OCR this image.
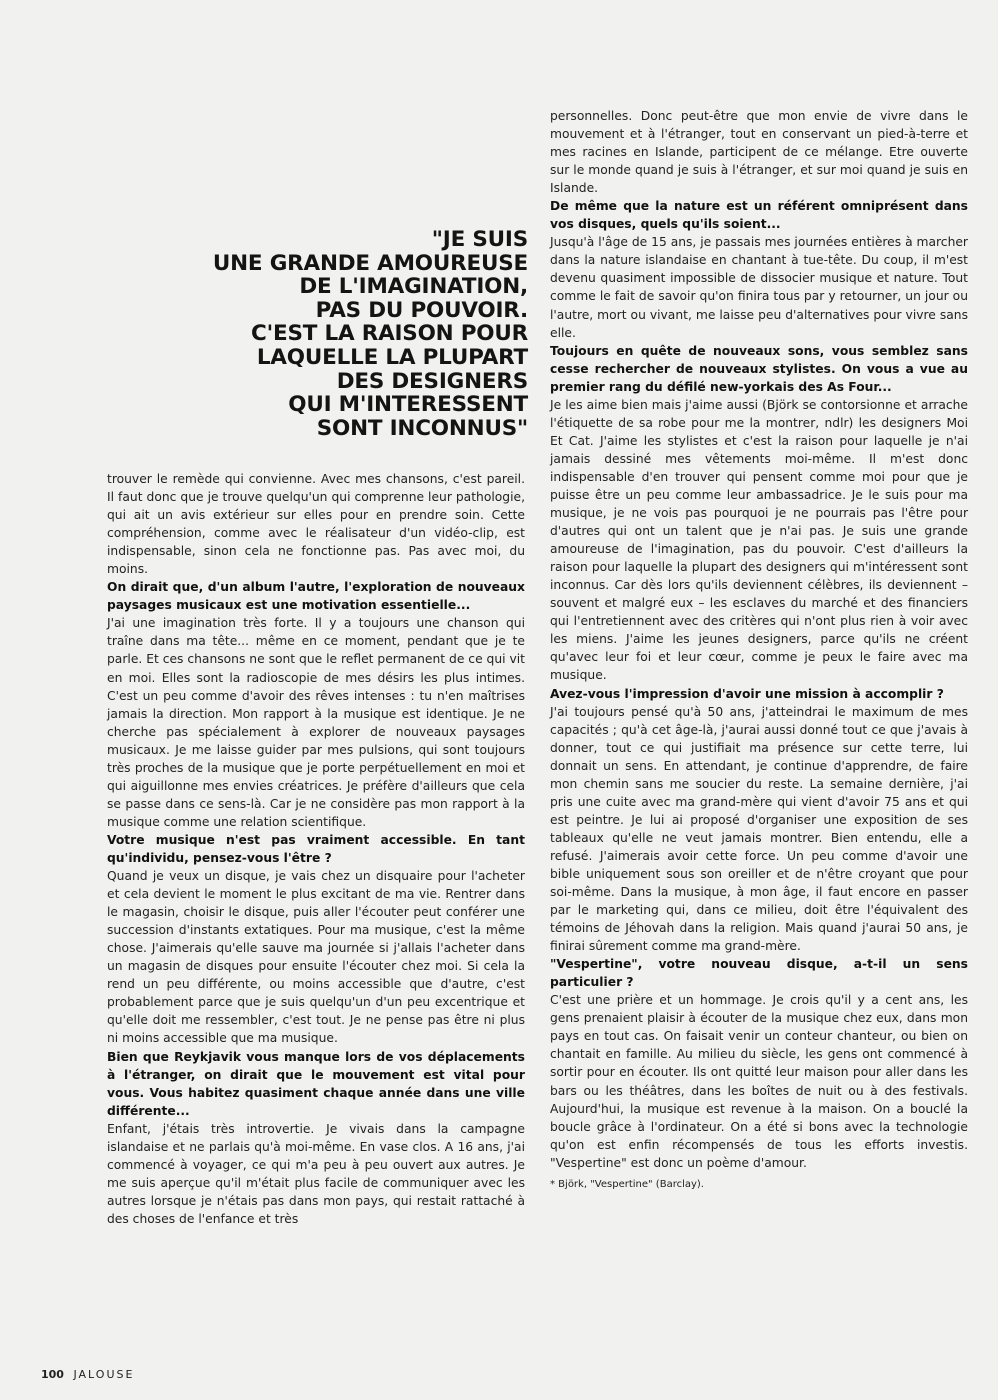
"JE SUIS
UNE GRANDE AMOUREUSE
DE L'IMAGINATION,
PAS DU POUVOIR.
C'EST LA RAISON POUR
LAQUELLE LA PLUPART
DES DESIGNERS
QUI M'INTERESSENT
SONT INCONNUS"

trouver le remède qui convienne. Avec mes chansons, c'est pareil. Il faut donc que je trouve quelqu'un qui comprenne leur pathologie, qui ait un avis extérieur sur elles pour en prendre soin. Cette compréhension, comme avec le réalisateur d'un vidéo-clip, est indispensable, sinon cela ne fonctionne pas. Pas avec moi, du moins.

On dirait que, d'un album l'autre, l'exploration de nouveaux paysages musicaux est une motivation essentielle...

J'ai une imagination très forte. Il y a toujours une chanson qui traîne dans ma tête... même en ce moment, pendant que je te parle. Et ces chansons ne sont que le reflet permanent de ce qui vit en moi. Elles sont la radioscopie de mes désirs les plus intimes. C'est un peu comme d'avoir des rêves intenses : tu n'en maîtrises jamais la direction. Mon rapport à la musique est identique. Je ne cherche pas spécialement à explorer de nouveaux paysages musicaux. Je me laisse guider par mes pulsions, qui sont toujours très proches de la musique que je porte perpétuellement en moi et qui aiguillonne mes envies créatrices. Je préfère d'ailleurs que cela se passe dans ce sens-là. Car je ne considère pas mon rapport à la musique comme une relation scientifique.

Votre musique n'est pas vraiment accessible. En tant qu'individu, pensez-vous l'être ?

Quand je veux un disque, je vais chez un disquaire pour l'acheter et cela devient le moment le plus excitant de ma vie. Rentrer dans le magasin, choisir le disque, puis aller l'écouter peut conférer une succession d'instants extatiques. Pour ma musique, c'est la même chose. J'aimerais qu'elle sauve ma journée si j'allais l'acheter dans un magasin de disques pour ensuite l'écouter chez moi. Si cela la rend un peu différente, ou moins accessible que d'autre, c'est probablement parce que je suis quelqu'un d'un peu excentrique et qu'elle doit me ressembler, c'est tout. Je ne pense pas être ni plus ni moins accessible que ma musique.

Bien que Reykjavik vous manque lors de vos déplacements à l'étranger, on dirait que le mouvement est vital pour vous. Vous habitez quasiment chaque année dans une ville différente...

Enfant, j'étais très introvertie. Je vivais dans la campagne islandaise et ne parlais qu'à moi-même. En vase clos. A 16 ans, j'ai commencé à voyager, ce qui m'a peu à peu ouvert aux autres. Je me suis aperçue qu'il m'était plus facile de communiquer avec les autres lorsque je n'étais pas dans mon pays, qui restait rattaché à des choses de l'enfance et très

personnelles. Donc peut-être que mon envie de vivre dans le mouvement et à l'étranger, tout en conservant un pied-à-terre et mes racines en Islande, participent de ce mélange. Etre ouverte sur le monde quand je suis à l'étranger, et sur moi quand je suis en Islande.

De même que la nature est un référent omniprésent dans vos disques, quels qu'ils soient...

Jusqu'à l'âge de 15 ans, je passais mes journées entières à marcher dans la nature islandaise en chantant à tue-tête. Du coup, il m'est devenu quasiment impossible de dissocier musique et nature. Tout comme le fait de savoir qu'on finira tous par y retourner, un jour ou l'autre, mort ou vivant, me laisse peu d'alternatives pour vivre sans elle.

Toujours en quête de nouveaux sons, vous semblez sans cesse rechercher de nouveaux stylistes. On vous a vue au premier rang du défilé new-yorkais des As Four...

Je les aime bien mais j'aime aussi (Björk se contorsionne et arrache l'étiquette de sa robe pour me la montrer, ndlr) les designers Moi Et Cat. J'aime les stylistes et c'est la raison pour laquelle je n'ai jamais dessiné mes vêtements moi-même. Il m'est donc indispensable d'en trouver qui pensent comme moi pour que je puisse être un peu comme leur ambassadrice. Je le suis pour ma musique, je ne vois pas pourquoi je ne pourrais pas l'être pour d'autres qui ont un talent que je n'ai pas. Je suis une grande amoureuse de l'imagination, pas du pouvoir. C'est d'ailleurs la raison pour laquelle la plupart des designers qui m'intéressent sont inconnus. Car dès lors qu'ils deviennent célèbres, ils deviennent – souvent et malgré eux – les esclaves du marché et des financiers qui l'entretiennent avec des critères qui n'ont plus rien à voir avec les miens. J'aime les jeunes designers, parce qu'ils ne créent qu'avec leur foi et leur cœur, comme je peux le faire avec ma musique.

Avez-vous l'impression d'avoir une mission à accomplir ?

J'ai toujours pensé qu'à 50 ans, j'atteindrai le maximum de mes capacités ; qu'à cet âge-là, j'aurai aussi donné tout ce que j'avais à donner, tout ce qui justifiait ma présence sur cette terre, lui donnait un sens. En attendant, je continue d'apprendre, de faire mon chemin sans me soucier du reste. La semaine dernière, j'ai pris une cuite avec ma grand-mère qui vient d'avoir 75 ans et qui est peintre. Je lui ai proposé d'organiser une exposition de ses tableaux qu'elle ne veut jamais montrer. Bien entendu, elle a refusé. J'aimerais avoir cette force. Un peu comme d'avoir une bible uniquement sous son oreiller et de n'être croyant que pour soi-même. Dans la musique, à mon âge, il faut encore en passer par le marketing qui, dans ce milieu, doit être l'équivalent des témoins de Jéhovah dans la religion. Mais quand j'aurai 50 ans, je finirai sûrement comme ma grand-mère.

"Vespertine", votre nouveau disque, a-t-il un sens particulier ?

C'est une prière et un hommage. Je crois qu'il y a cent ans, les gens prenaient plaisir à écouter de la musique chez eux, dans mon pays en tout cas. On faisait venir un conteur chanteur, ou bien on chantait en famille. Au milieu du siècle, les gens ont commencé à sortir pour en écouter. Ils ont quitté leur maison pour aller dans les bars ou les théâtres, dans les boîtes de nuit ou à des festivals. Aujourd'hui, la musique est revenue à la maison. On a bouclé la boucle grâce à l'ordinateur. On a été si bons avec la technologie qu'on est enfin récompensés de tous les efforts investis. "Vespertine" est donc un poème d'amour.

* Björk, "Vespertine" (Barclay).

100 JALOUSE
